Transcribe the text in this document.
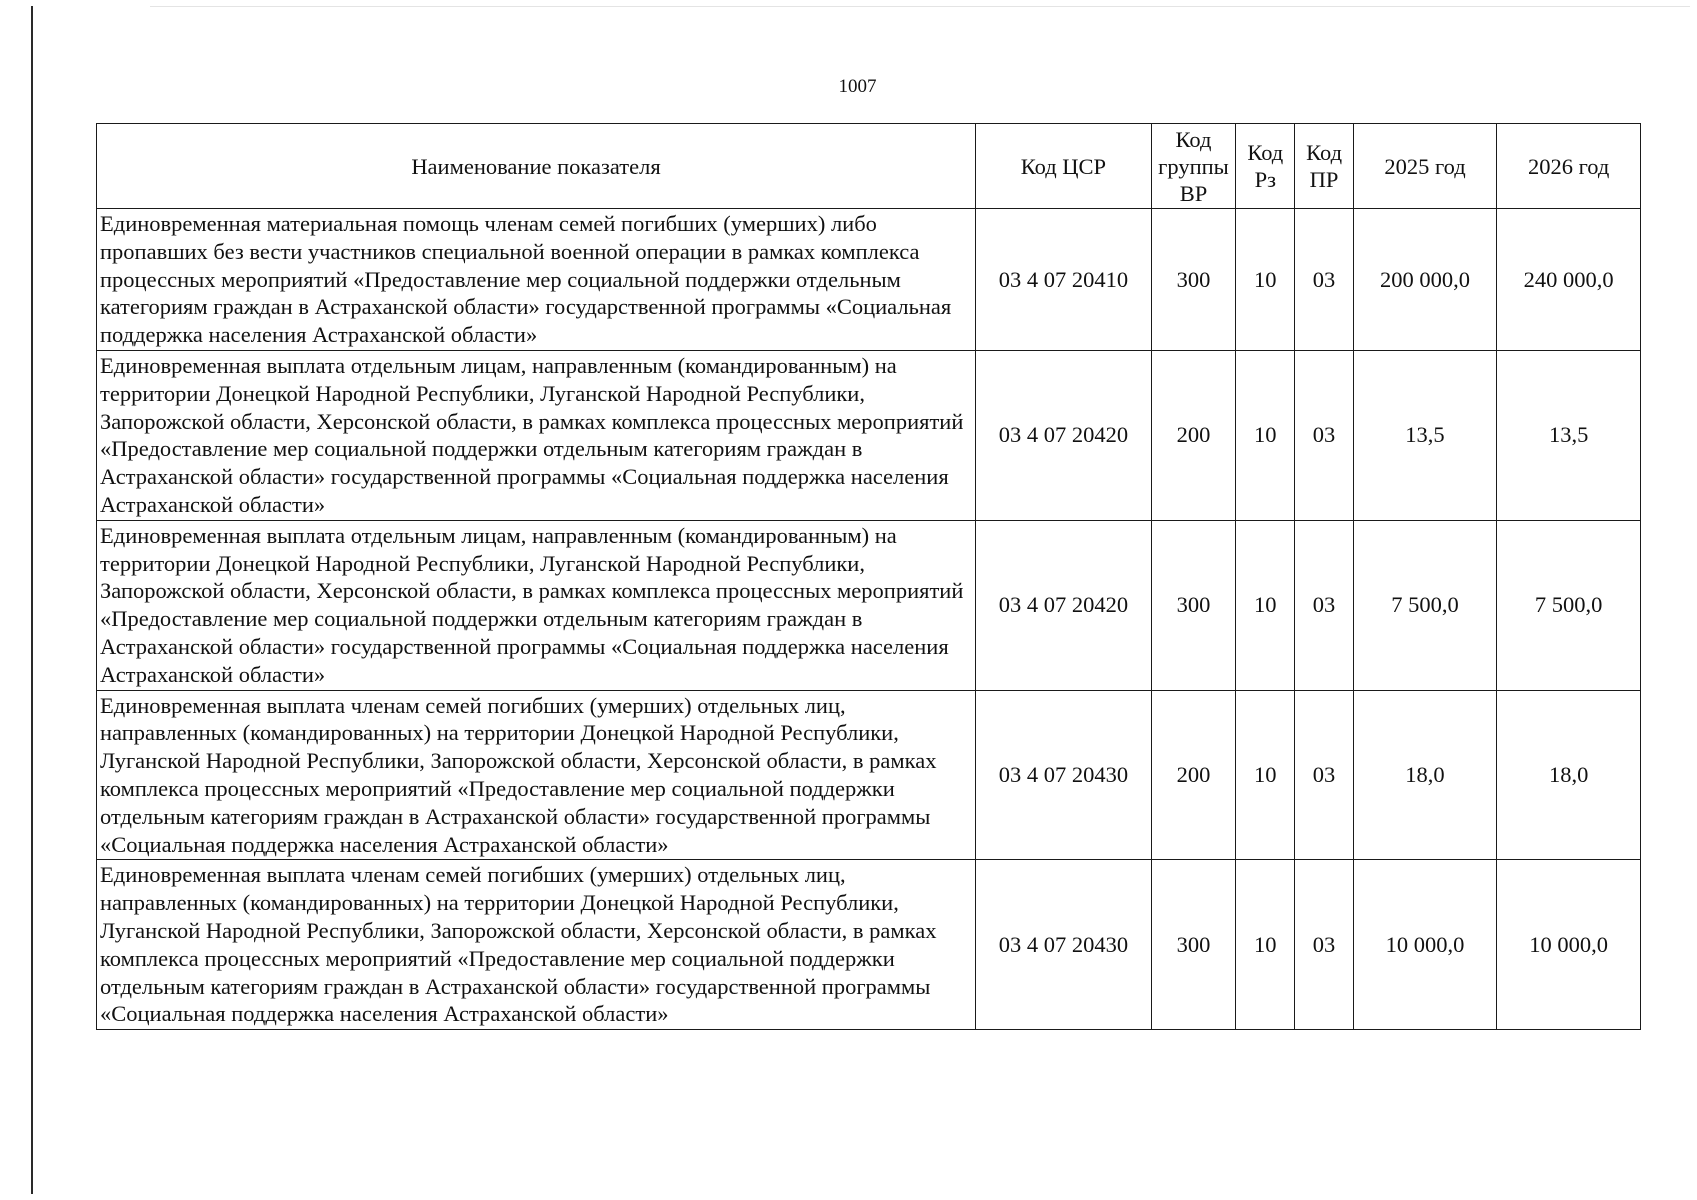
1007
Наименование показателя	Код ЦСР	Код группы ВР	Код Рз	Код ПР	2025 год	2026 год
Единовременная материальная помощь членам семей погибших (умерших) либо пропавших без вести участников специальной военной операции в рамках комплекса процессных мероприятий «Предоставление мер социальной поддержки отдельным категориям граждан в Астраханской области» государственной программы «Социальная поддержка населения Астраханской области»	03 4 07 20410	300	10	03	200 000,0	240 000,0
Единовременная выплата отдельным лицам, направленным (командированным) на территории Донецкой Народной Республики, Луганской Народной Республики, Запорожской области, Херсонской области, в рамках комплекса процессных мероприятий «Предоставление мер социальной поддержки отдельным категориям граждан в Астраханской области» государственной программы «Социальная поддержка населения Астраханской области»	03 4 07 20420	200	10	03	13,5	13,5
Единовременная выплата отдельным лицам, направленным (командированным) на территории Донецкой Народной Республики, Луганской Народной Республики, Запорожской области, Херсонской области, в рамках комплекса процессных мероприятий «Предоставление мер социальной поддержки отдельным категориям граждан в Астраханской области» государственной программы «Социальная поддержка населения Астраханской области»	03 4 07 20420	300	10	03	7 500,0	7 500,0
Единовременная выплата членам семей погибших (умерших) отдельных лиц, направленных (командированных) на территории Донецкой Народной Республики, Луганской Народной Республики, Запорожской области, Херсонской области, в рамках комплекса процессных мероприятий «Предоставление мер социальной поддержки отдельным категориям граждан в Астраханской области» государственной программы «Социальная поддержка населения Астраханской области»	03 4 07 20430	200	10	03	18,0	18,0
Единовременная выплата членам семей погибших (умерших) отдельных лиц, направленных (командированных) на территории Донецкой Народной Республики, Луганской Народной Республики, Запорожской области, Херсонской области, в рамках комплекса процессных мероприятий «Предоставление мер социальной поддержки отдельным категориям граждан в Астраханской области» государственной программы «Социальная поддержка населения Астраханской области»	03 4 07 20430	300	10	03	10 000,0	10 000,0
